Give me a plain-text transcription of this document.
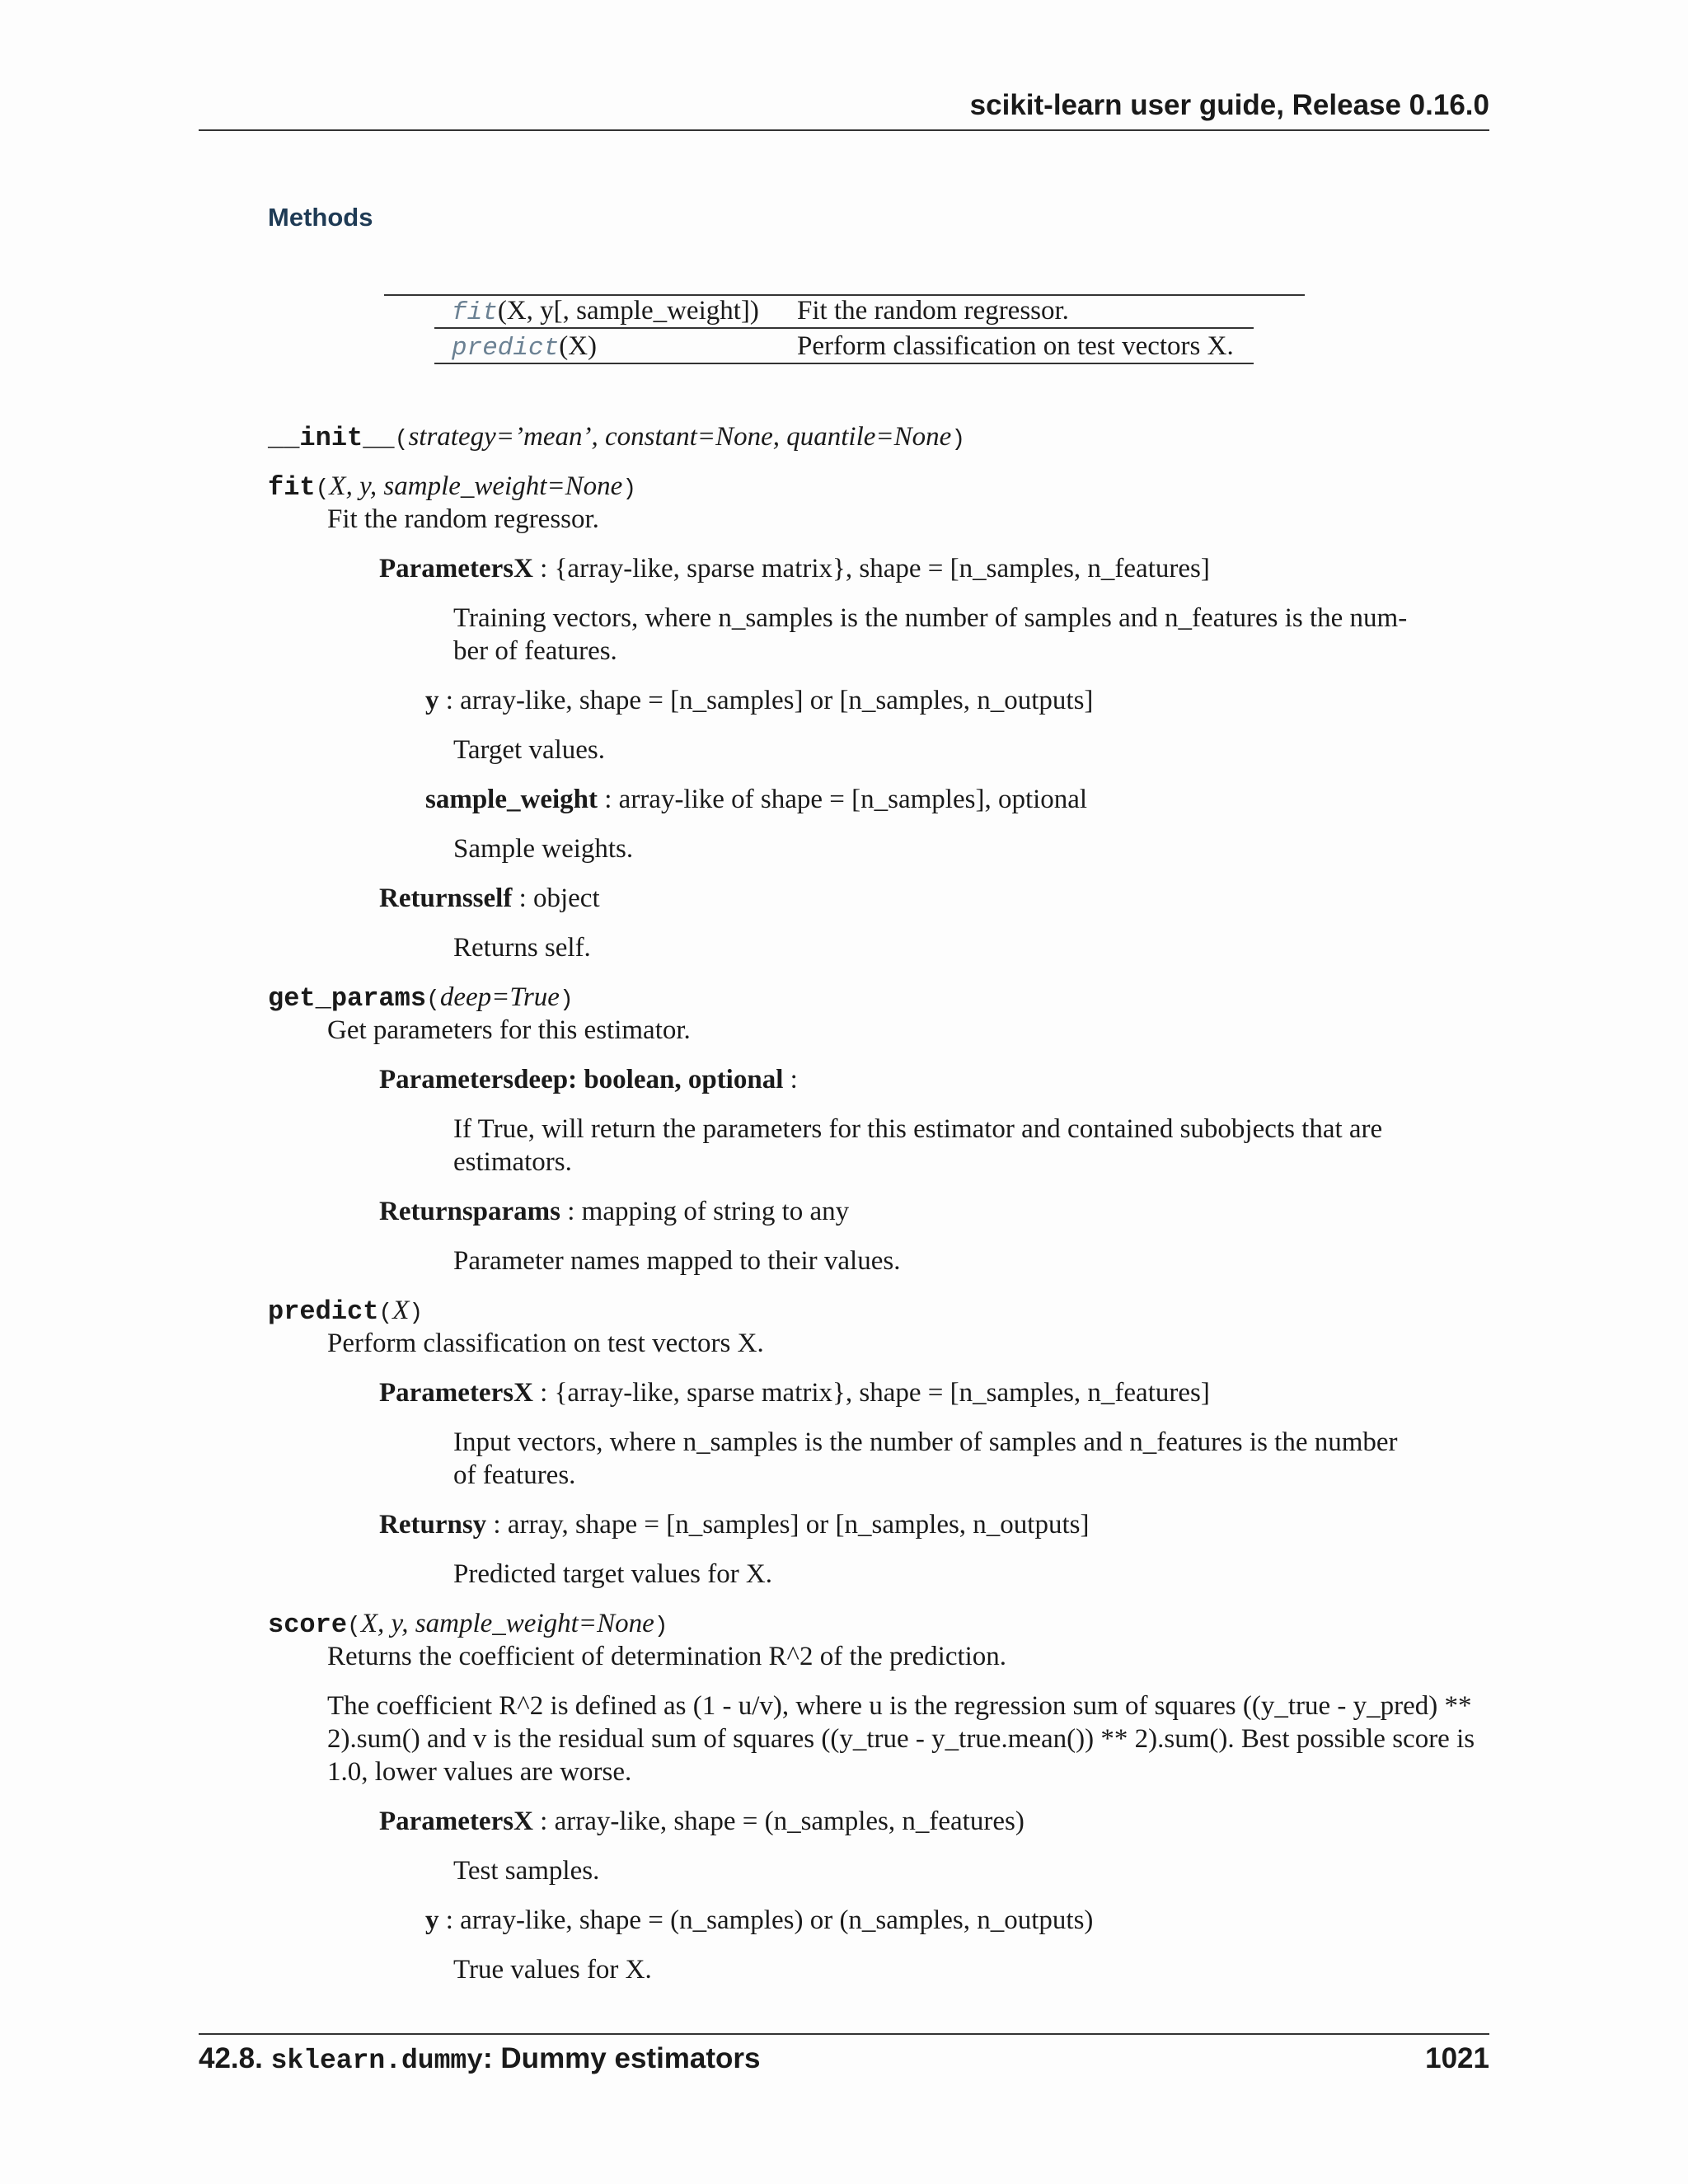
scikit-learn user guide, Release 0.16.0
Methods
fit(X, y[, sample_weight]) Fit the random regressor.
predict(X)	Perform classification on test vectors X.
__init__(strategy=’mean’, constant=None, quantile=None)
fit(X, y, sample_weight=None)
Fit the random regressor.
ParametersX : {array-like, sparse matrix}, shape = [n_samples, n_features]
Training vectors, where n_samples is the number of samples and n_features is the num-
ber of features.
y : array-like, shape = [n_samples] or [n_samples, n_outputs]
Target values.
sample_weight : array-like of shape = [n_samples], optional
Sample weights.
Returnsself : object
Returns self.
get_params(deep=True)
Get parameters for this estimator.
Parametersdeep: boolean, optional :
If True, will return the parameters for this estimator and contained subobjects that are
estimators.
Returnsparams : mapping of string to any
Parameter names mapped to their values.
predict(X)
Perform classification on test vectors X.
ParametersX : {array-like, sparse matrix}, shape = [n_samples, n_features]
Input vectors, where n_samples is the number of samples and n_features is the number
of features.
Returnsy : array, shape = [n_samples] or [n_samples, n_outputs]
Predicted target values for X.
score(X, y, sample_weight=None)
Returns the coefficient of determination R^2 of the prediction.
The coefficient R^2 is defined as (1 - u/v), where u is the regression sum of squares ((y_true - y_pred) **
2).sum() and v is the residual sum of squares ((y_true - y_true.mean()) ** 2).sum(). Best possible score is
1.0, lower values are worse.
ParametersX : array-like, shape = (n_samples, n_features)
Test samples.
y : array-like, shape = (n_samples) or (n_samples, n_outputs)
True values for X.
42.8. sklearn.dummy: Dummy estimators	1021
